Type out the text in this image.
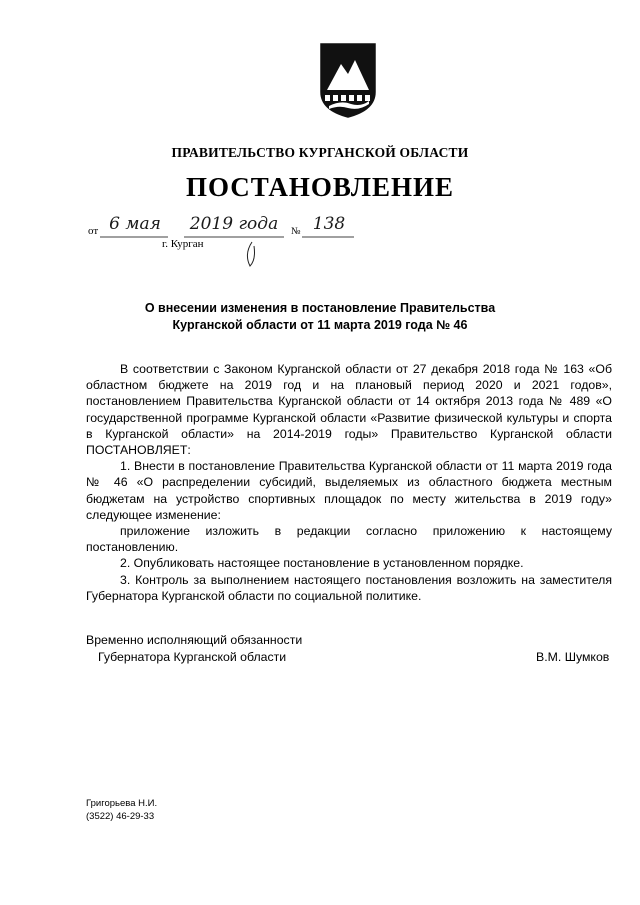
ПРАВИТЕЛЬСТВО КУРГАНСКОЙ ОБЛАСТИ
ПОСТАНОВЛЕНИЕ
от 6 мая	2019 года	№ 138
г. Курган
О внесении изменения в постановление Правительства
Курганской области от 11 марта 2019 года № 46

В соответствии с Законом Курганской области от 27 декабря 2018 года № 163 «Об областном бюджете на 2019 год и на плановый период 2020 и 2021 годов», постановлением Правительства Курганской области от 14 октября 2013 года № 489 «О государственной программе Курганской области «Развитие физической культуры и спорта в Курганской области» на 2014-2019 годы» Правительство Курганской области ПОСТАНОВЛЯЕТ:

1. Внести в постановление Правительства Курганской области от 11 марта 2019 года № 46 «О распределении субсидий, выделяемых из областного бюджета местным бюджетам на устройство спортивных площадок по месту жительства в 2019 году» следующее изменение:

приложение изложить в редакции согласно приложению к настоящему постановлению.

2. Опубликовать настоящее постановление в установленном порядке.

3. Контроль за выполнением настоящего постановления возложить на заместителя Губернатора Курганской области по социальной политике.

Временно исполняющий обязанности
Губернатора Курганской области	В.М. Шумков
Григорьева Н.И.
(3522) 46-29-33
